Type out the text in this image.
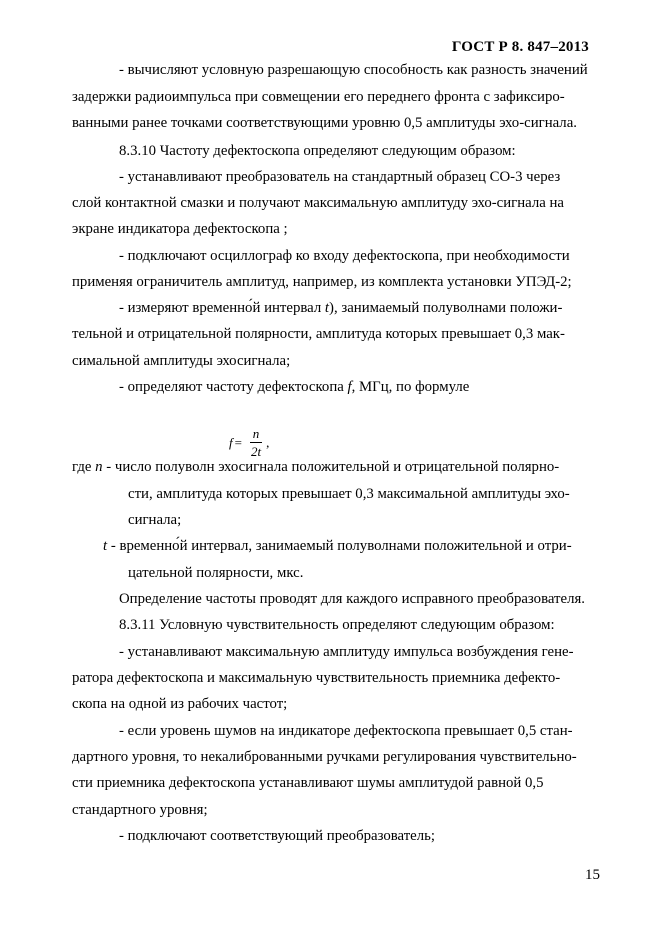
ГОСТ Р 8. 847–2013
- вычисляют условную разрешающую способность как разность значений
задержки радиоимпульса при совмещении его переднего фронта с зафиксиро-
ванными ранее точками соответствующими уровню 0,5 амплитуды эхо-сигнала.
8.3.10 Частоту дефектоскопа определяют следующим образом:
- устанавливают преобразователь на стандартный образец СО-3 через
слой контактной смазки и получают максимальную амплитуду эхо-сигнала на
экране индикатора дефектоскопа ;
- подключают осциллограф ко входу дефектоскопа, при необходимости
применяя ограничитель амплитуд, например, из комплекта установки УПЭД-2;
- измеряют временно́й интервал t), занимаемый полуволнами положи-
тельной и отрицательной полярности, амплитуда которых превышает 0,3 мак-
симальной амплитуды эхосигнала;
- определяют частоту дефектоскопа f, МГц, по формуле
$f = \frac{n}{2t}$ ,
где n - число полуволн эхосигнала положительной и отрицательной полярно-
сти, амплитуда которых превышает 0,3 максимальной амплитуды эхо-
сигнала;
t - временно́й интервал, занимаемый полуволнами положительной и отри-
цательной полярности, мкс.
Определение частоты проводят для каждого исправного преобразователя.
8.3.11 Условную чувствительность определяют следующим образом:
- устанавливают максимальную амплитуду импульса возбуждения гене-
ратора дефектоскопа и максимальную чувствительность приемника дефекто-
скопа на одной из рабочих частот;
- если уровень шумов на индикаторе дефектоскопа превышает 0,5 стан-
дартного уровня, то некалиброванными ручками регулирования чувствительно-
сти приемника дефектоскопа устанавливают шумы амплитудой равной 0,5
стандартного уровня;
- подключают соответствующий преобразователь;
15
